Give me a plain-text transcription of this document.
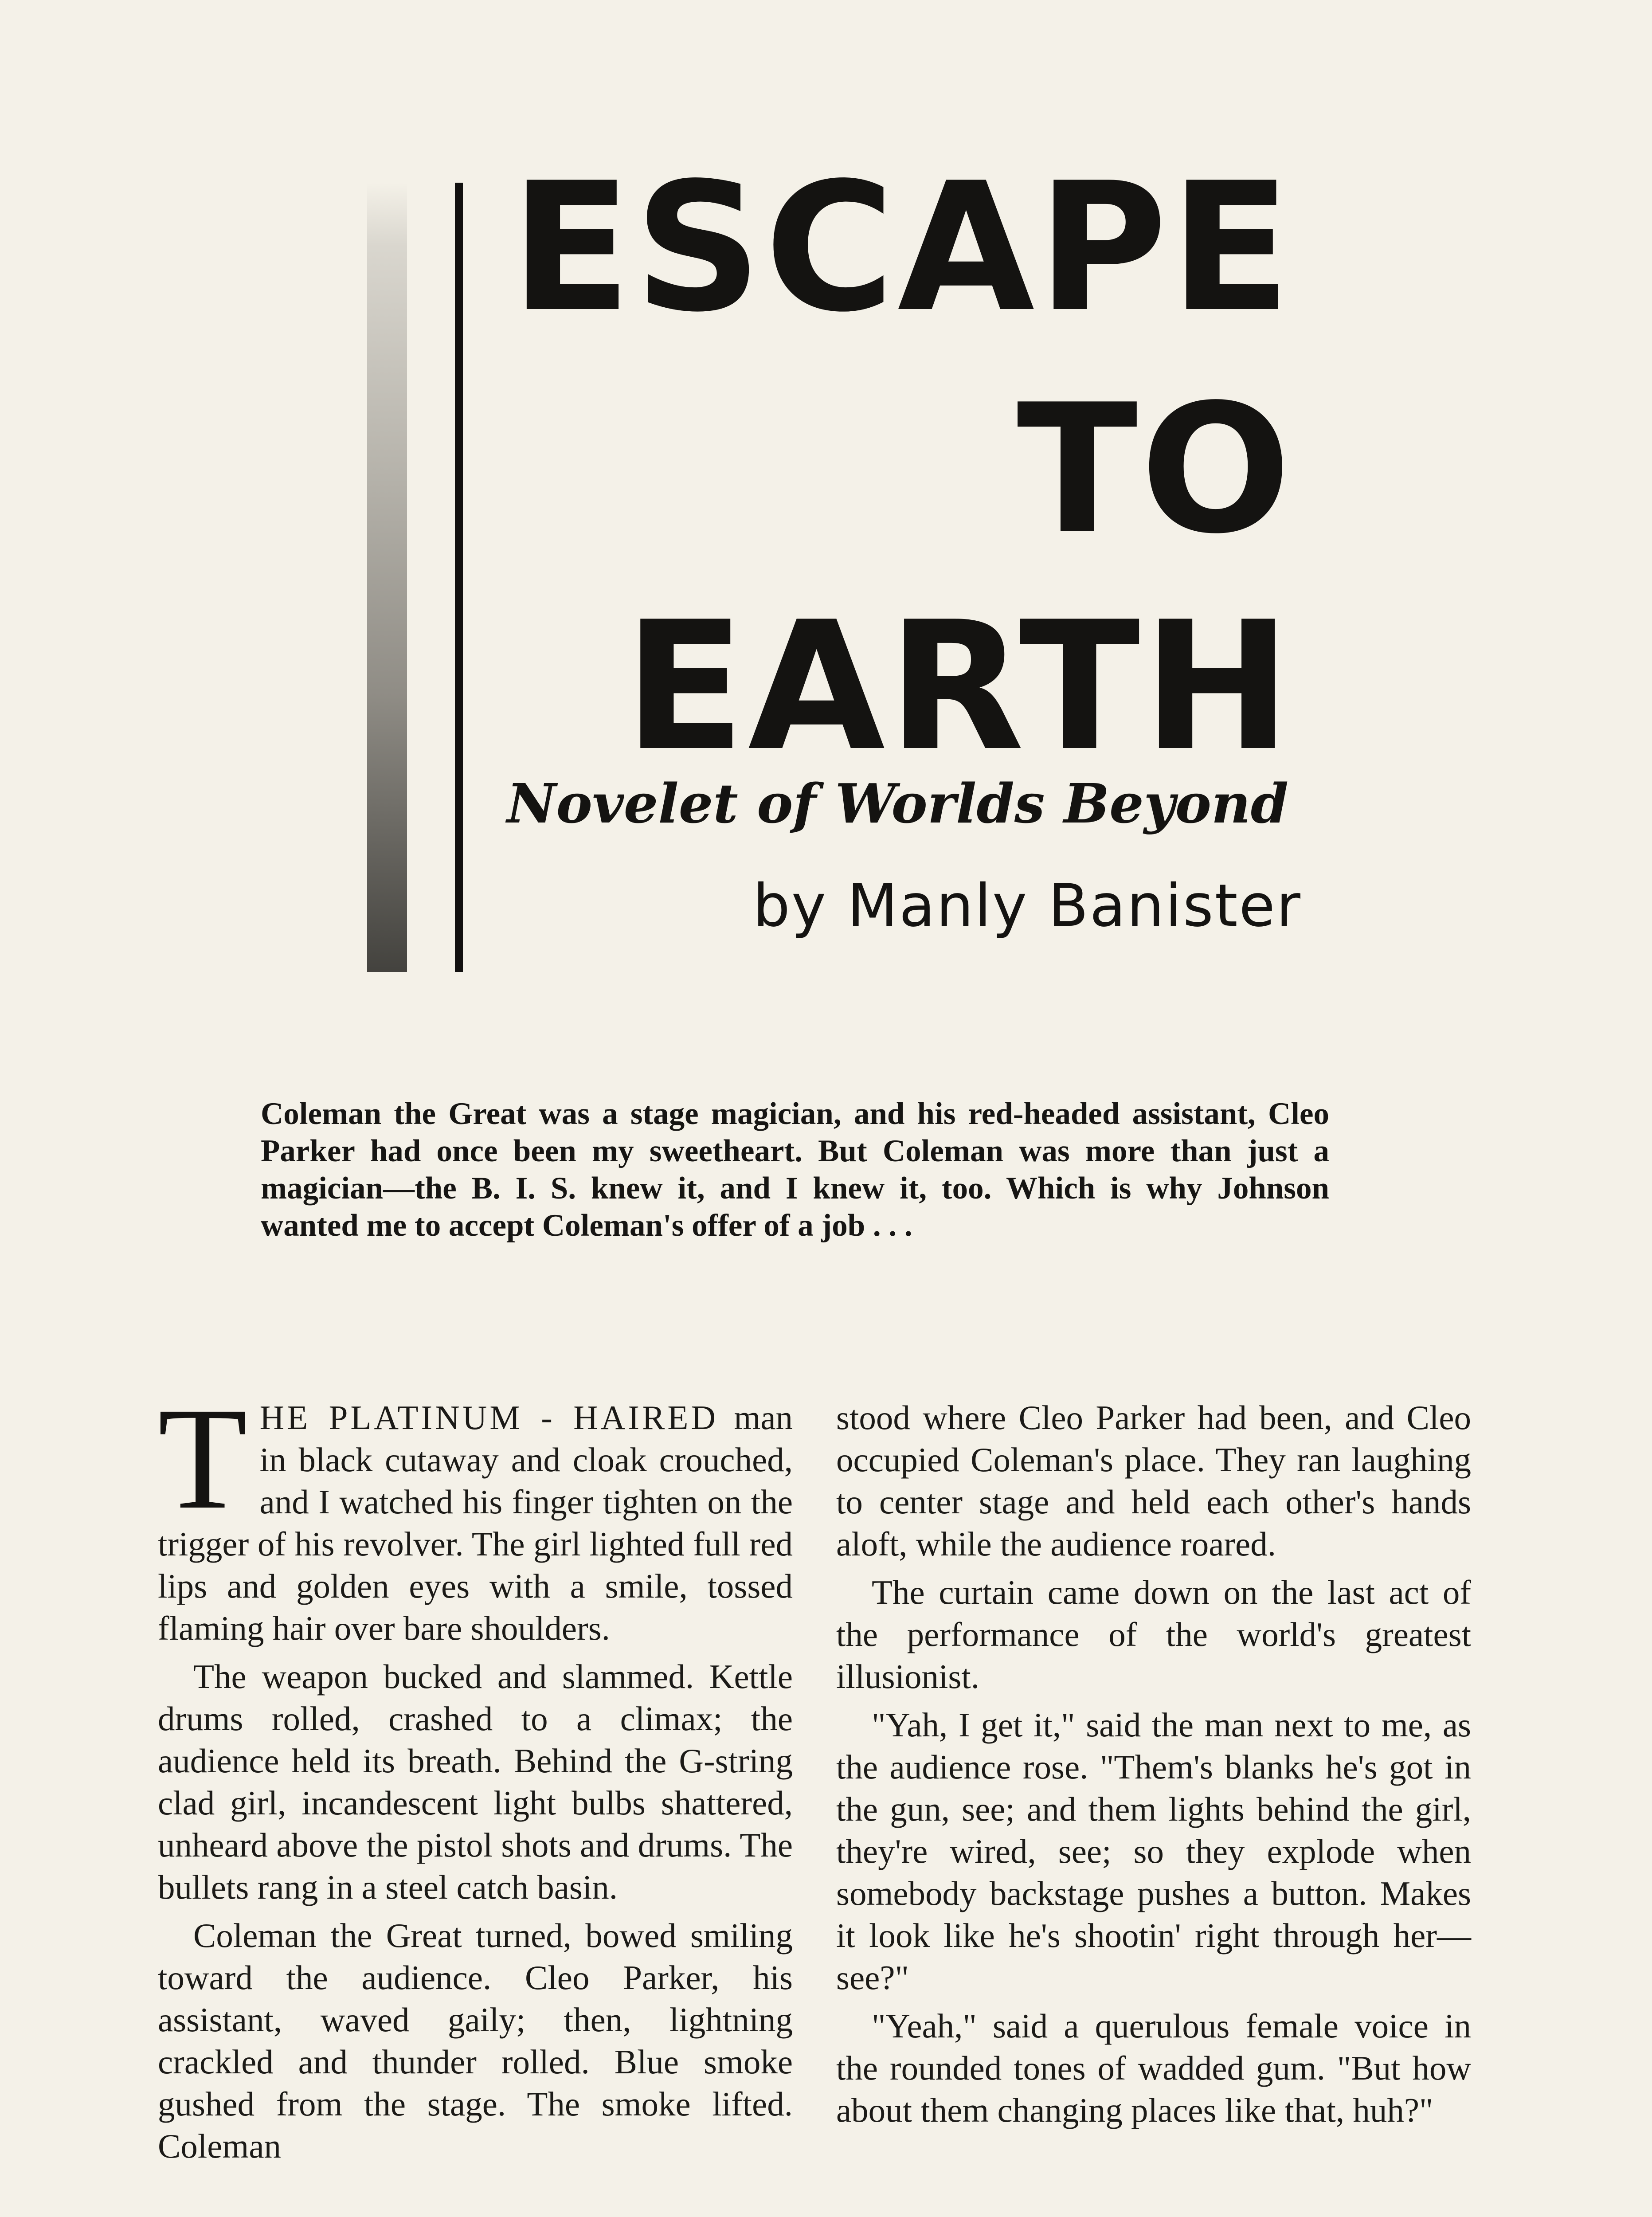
ESCAPE
TO
EARTH
Novelet of Worlds Beyond
by Manly Banister
Coleman the Great was a stage magician, and his red-headed assistant, Cleo Parker had once been my sweetheart. But Coleman was more than just a magician—the B. I. S. knew it, and I knew it, too. Which is why Johnson wanted me to accept Coleman's offer of a job . . .

THE PLATINUM - HAIRED man in black cutaway and cloak crouched, and I watched his finger tighten on the trigger of his revolver. The girl lighted full red lips and golden eyes with a smile, tossed flaming hair over bare shoulders.

The weapon bucked and slammed. Kettle drums rolled, crashed to a climax; the audience held its breath. Behind the G-string clad girl, incandescent light bulbs shattered, unheard above the pistol shots and drums. The bullets rang in a steel catch basin.

Coleman the Great turned, bowed smiling toward the audience. Cleo Parker, his assistant, waved gaily; then, lightning crackled and thunder rolled. Blue smoke gushed from the stage. The smoke lifted. Coleman

stood where Cleo Parker had been, and Cleo occupied Coleman's place. They ran laughing to center stage and held each other's hands aloft, while the audience roared.

The curtain came down on the last act of the performance of the world's greatest illusionist.

"Yah, I get it," said the man next to me, as the audience rose. "Them's blanks he's got in the gun, see; and them lights behind the girl, they're wired, see; so they explode when somebody backstage pushes a button. Makes it look like he's shootin' right through her—see?"

"Yeah," said a querulous female voice in the rounded tones of wadded gum. "But how about them changing places like that, huh?"
